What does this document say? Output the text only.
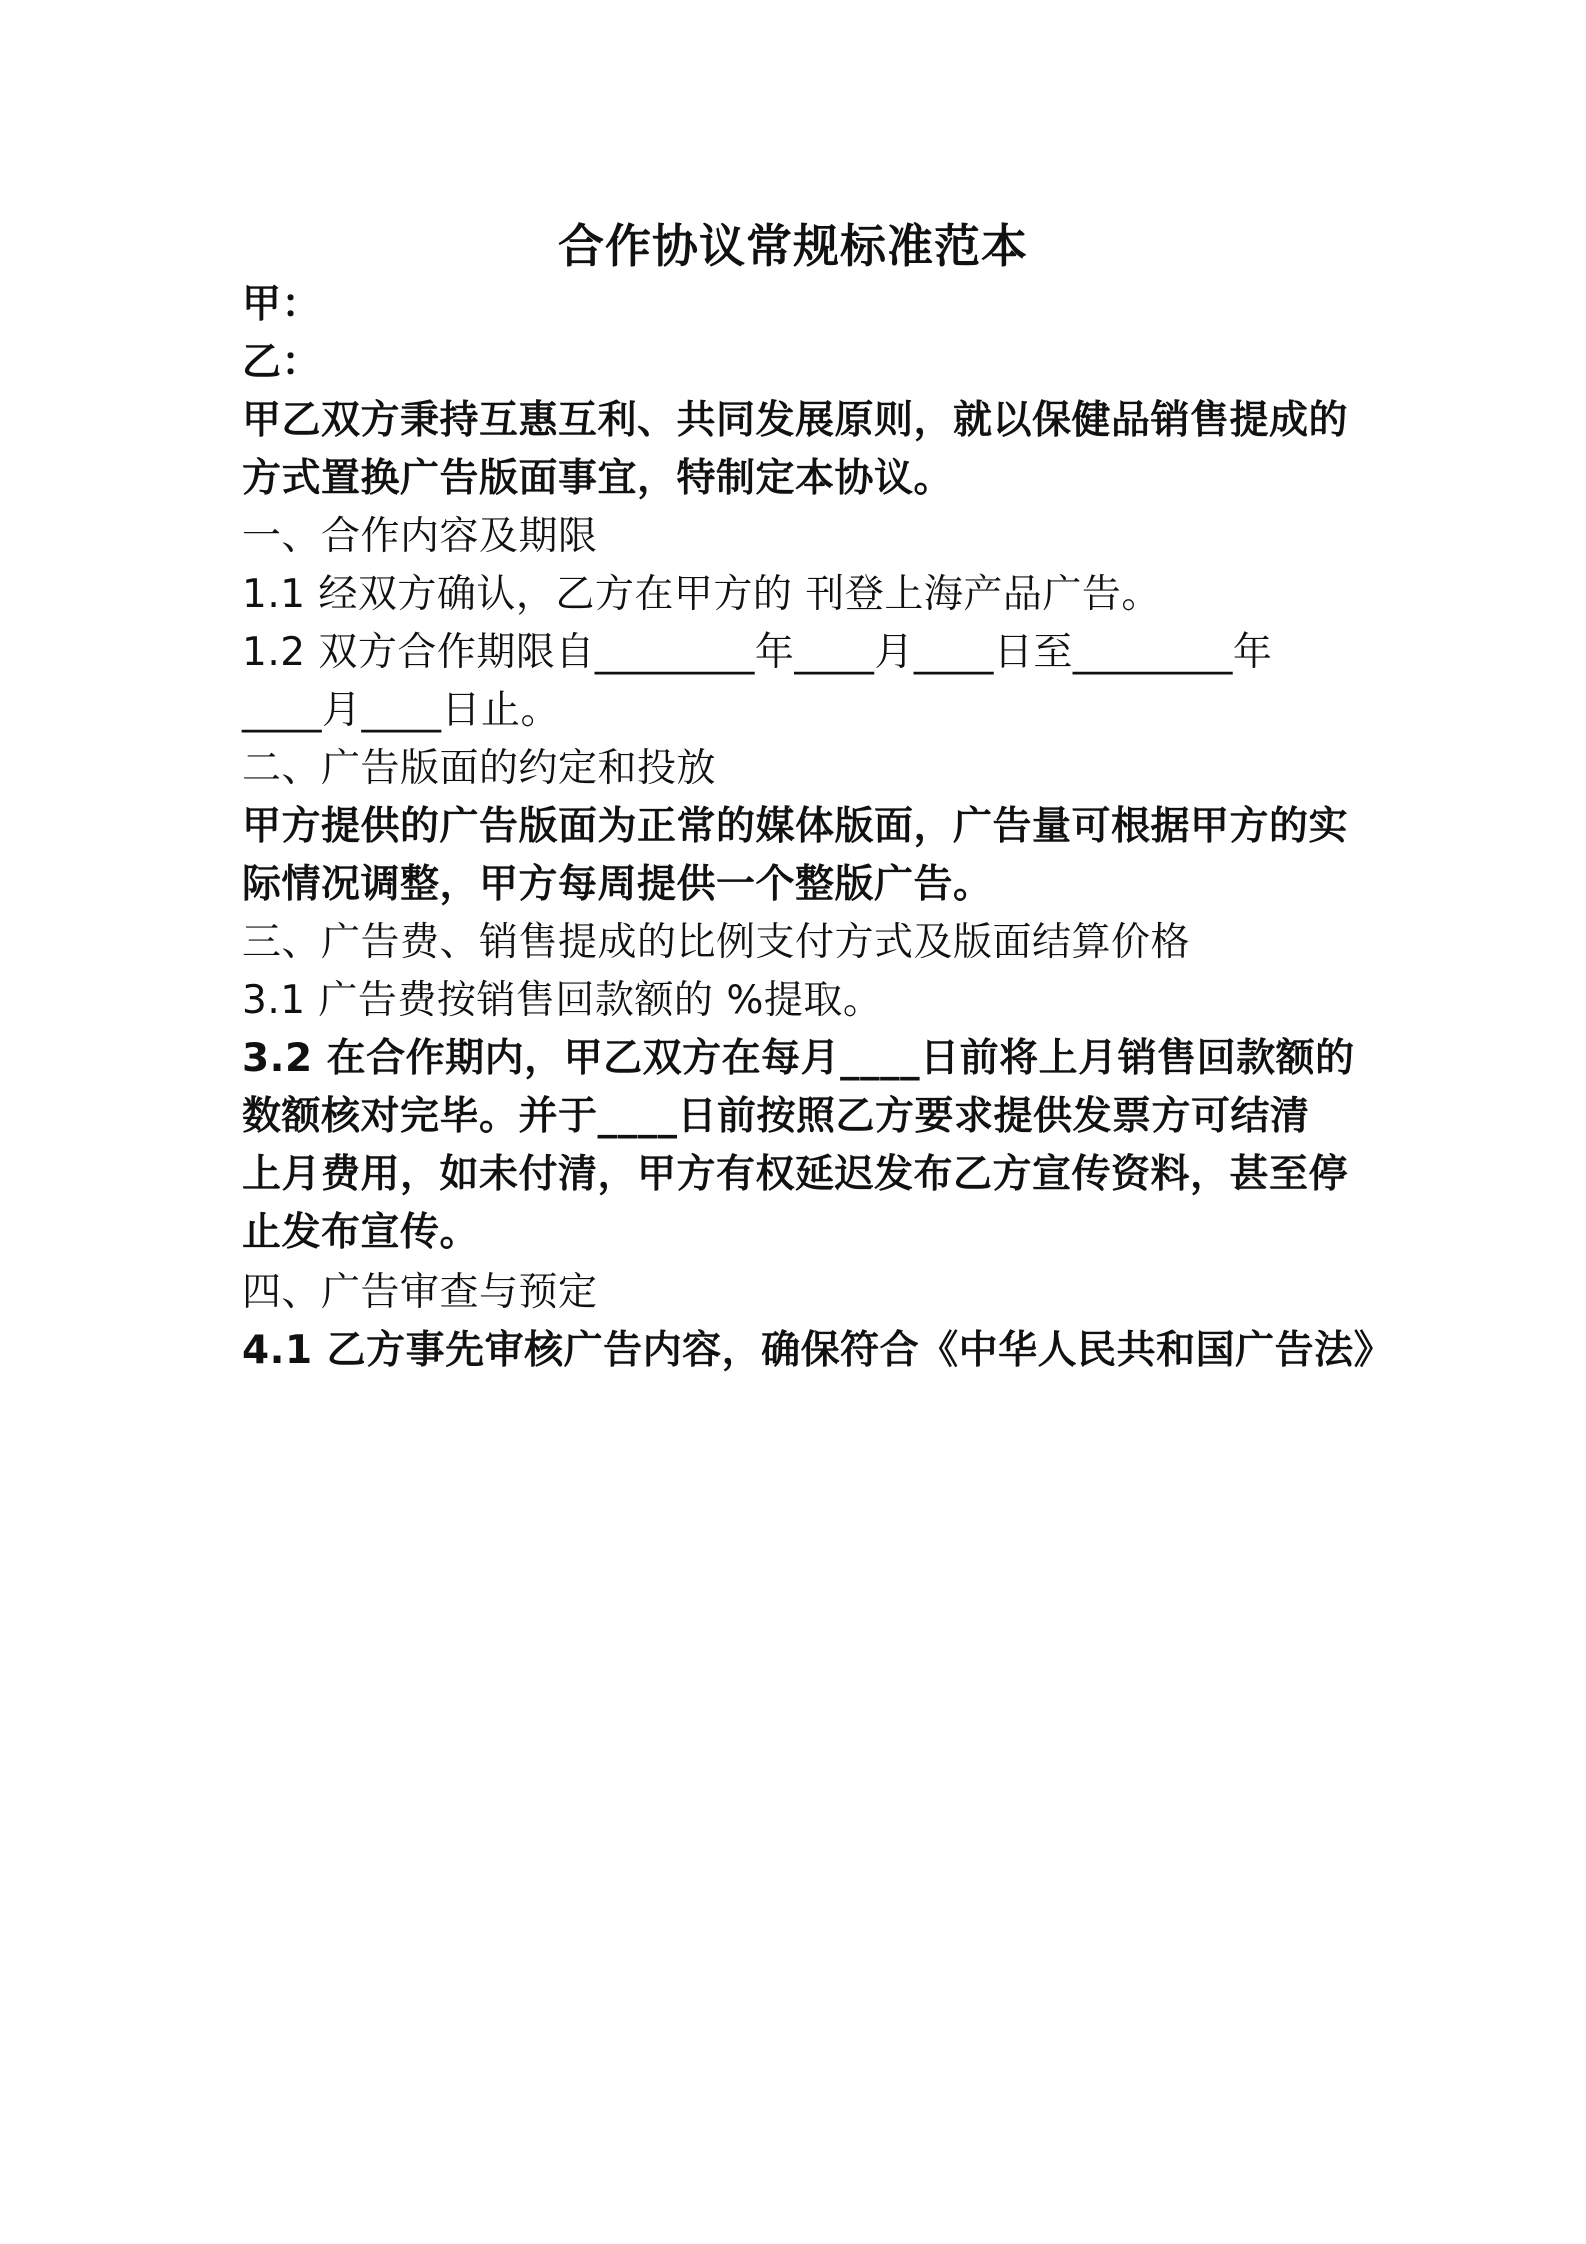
合作协议常规标准范本
甲：
乙：
甲乙双方秉持互惠互利、共同发展原则，就以保健品销售提成的
方式置换广告版面事宜，特制定本协议。
一、合作内容及期限
1.1 经双方确认，乙方在甲方的 刊登上海产品广告。
1.2 双方合作期限自________年____月____日至________年
____月____日止。
二、广告版面的约定和投放
甲方提供的广告版面为正常的媒体版面，广告量可根据甲方的实
际情况调整，甲方每周提供一个整版广告。
三、广告费、销售提成的比例支付方式及版面结算价格
3.1 广告费按销售回款额的 %提取。
3.2 在合作期内，甲乙双方在每月____日前将上月销售回款额的
数额核对完毕。并于____日前按照乙方要求提供发票方可结清
上月费用，如未付清，甲方有权延迟发布乙方宣传资料，甚至停
止发布宣传。
四、广告审查与预定
4.1 乙方事先审核广告内容，确保符合《中华人民共和国广告法》
